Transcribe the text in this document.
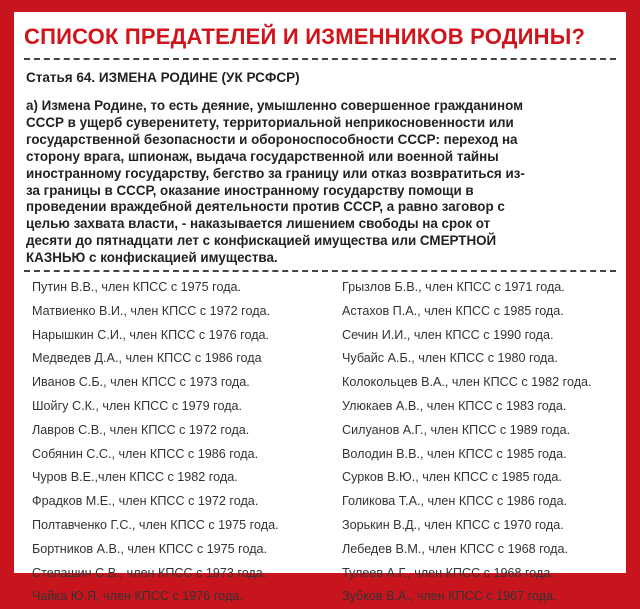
СПИСОК ПРЕДАТЕЛЕЙ И ИЗМЕННИКОВ РОДИНЫ?
Статья 64. ИЗМЕНА РОДИНЕ (УК РСФСР)
а) Измена Родине, то есть деяние, умышленно совершенное гражданином
СССР в ущерб суверенитету, территориальной неприкосновенности или
государственной безопасности и обороноспособности СССР: переход на
сторону врага, шпионаж, выдача государственной или военной тайны
иностранному государству, бегство за границу или отказ возвратиться из-
за границы в СССР, оказание иностранному государству помощи в
проведении враждебной деятельности против СССР, а равно заговор с
целью захвата власти, - наказывается лишением свободы на срок от
десяти до пятнадцати лет с конфискацией имущества или СМЕРТНОЙ
КАЗНЬЮ с конфискацией имущества.
Путин В.В., член КПСС с 1975 года.
Матвиенко В.И., член КПСС с 1972 года.
Нарышкин С.И., член КПСС с 1976 года.
Медведев Д.А., член КПСС с 1986 года
Иванов С.Б., член КПСС с 1973 года.
Шойгу С.К., член КПСС с 1979 года.
Лавров С.В., член КПСС с 1972 года.
Собянин С.С., член КПСС с 1986 года.
Чуров В.Е.,член КПСС с 1982 года.
Фрадков М.Е., член КПСС с 1972 года.
Полтавченко Г.С., член КПСС с 1975 года.
Бортников А.В., член КПСС с 1975 года.
Степашин С.В., член КПСС с 1973 года.
Чайка Ю.Я, член КПСС с 1976 года.
Грызлов Б.В., член КПСС с 1971 года.
Астахов П.А., член КПСС с 1985 года.
Сечин И.И., член КПСС с 1990 года.
Чубайс А.Б., член КПСС с 1980 года.
Колокольцев В.А., член КПСС с 1982 года.
Улюкаев А.В., член КПСС с 1983 года.
Силуанов А.Г., член КПСС с 1989 года.
Володин В.В., член КПСС с 1985 года.
Сурков В.Ю., член КПСС с 1985 года.
Голикова Т.А., член КПСС с 1986 года.
Зорькин В.Д., член КПСС с 1970 года.
Лебедев В.М., член КПСС с 1968 года.
Тулеев А.Г., член КПСС с 1968 года.
Зубков В.А., член КПСС с 1967 года.
